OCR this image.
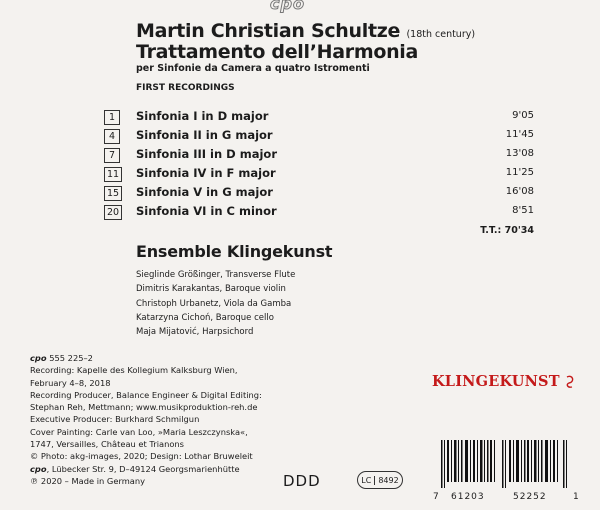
cpo
Martin Christian Schultze (18th century)
Trattamento dell’Harmonia
per Sinfonie da Camera a quatro Istromenti
FIRST RECORDINGS
1	Sinfonia I in D major	9'05
4	Sinfonia II in G major	11'45
7	Sinfonia III in D major	13'08
11 Sinfonia IV in F major	11'25
15 Sinfonia V in G major	16'08
20 Sinfonia VI in C minor	8'51
T.T.: 70'34
Ensemble Klingekunst
Sieglinde Größinger, Transverse Flute
Dimitris Karakantas, Baroque violin
Christoph Urbanetz, Viola da Gamba
Katarzyna Cichoń, Baroque cello
Maja Mijatović, Harpsichord
cpo 555 225–2
Recording: Kapelle des Kollegium Kalksburg Wien,
February 4–8, 2018
Recording Producer, Balance Engineer & Digital Editing:
Stephan Reh, Mettmann; www.musikproduktion-reh.de
Executive Producer: Burkhard Schmilgun
Cover Painting: Carle van Loo, »Maria Leszczynska«,
1747, Versailles, Château et Trianons
© Photo: akg-images, 2020; Design: Lothar Bruweleit
cpo, Lübecker Str. 9, D–49124 Georgsmarienhütte
℗ 2020 – Made in Germany
KLINGEKUNST
DDD	LC 8492
7 61203	52252	1
